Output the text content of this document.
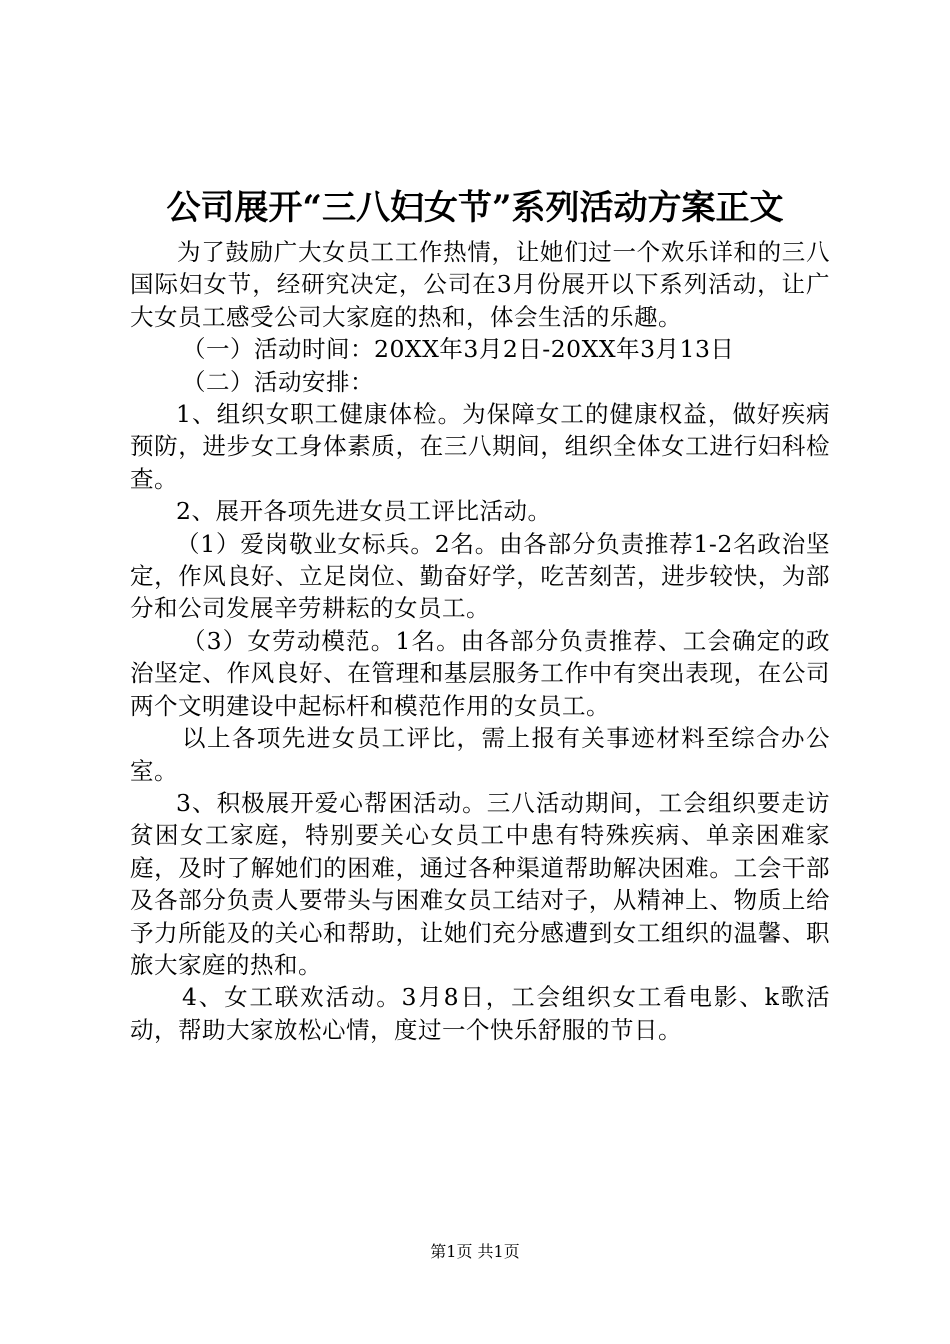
公司展开“三八妇女节”系列活动方案正文

为了鼓励广大女员工工作热情，让她们过一个欢乐详和的三八国际妇女节，经研究决定，公司在3月份展开以下系列活动，让广大女员工感受公司大家庭的热和，体会生活的乐趣。

（一）活动时间：20XX年3月2日-20XX年3月13日

（二）活动安排：

1、组织女职工健康体检。为保障女工的健康权益，做好疾病预防，进步女工身体素质，在三八期间，组织全体女工进行妇科检查。

2、展开各项先进女员工评比活动。

（1）爱岗敬业女标兵。2名。由各部分负责推荐1-2名政治坚定，作风良好、立足岗位、勤奋好学，吃苦刻苦，进步较快，为部分和公司发展辛劳耕耘的女员工。

（3）女劳动模范。1名。由各部分负责推荐、工会确定的政治坚定、作风良好、在管理和基层服务工作中有突出表现，在公司两个文明建设中起标杆和模范作用的女员工。

以上各项先进女员工评比，需上报有关事迹材料至综合办公室。

3、积极展开爱心帮困活动。三八活动期间，工会组织要走访贫困女工家庭，特别要关心女员工中患有特殊疾病、单亲困难家庭，及时了解她们的困难，通过各种渠道帮助解决困难。工会干部及各部分负责人要带头与困难女员工结对子，从精神上、物质上给予力所能及的关心和帮助，让她们充分感遭到女工组织的温馨、职旅大家庭的热和。

4、女工联欢活动。3月8日，工会组织女工看电影、k歌活动，帮助大家放松心情，度过一个快乐舒服的节日。

第1页 共1页
